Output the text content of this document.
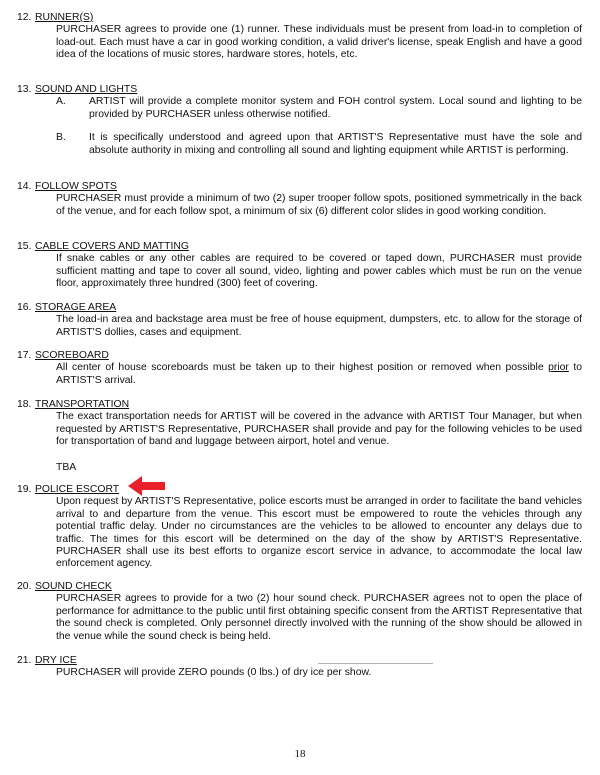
12. RUNNER(S)
PURCHASER agrees to provide one (1) runner. These individuals must be present from load-in to completion of load-out. Each must have a car in good working condition, a valid driver's license, speak English and have a good idea of the locations of music stores, hardware stores, hotels, etc.
13. SOUND AND LIGHTS
A. ARTIST will provide a complete monitor system and FOH control system. Local sound and lighting to be provided by PURCHASER unless otherwise notified.
B. It is specifically understood and agreed upon that ARTIST'S Representative must have the sole and absolute authority in mixing and controlling all sound and lighting equipment while ARTIST is performing.
14. FOLLOW SPOTS
PURCHASER must provide a minimum of two (2) super trooper follow spots, positioned symmetrically in the back of the venue, and for each follow spot, a minimum of six (6) different color slides in good working condition.
15. CABLE COVERS AND MATTING
If snake cables or any other cables are required to be covered or taped down, PURCHASER must provide sufficient matting and tape to cover all sound, video, lighting and power cables which must be run on the venue floor, approximately three hundred (300) feet of covering.
16. STORAGE AREA
The load-in area and backstage area must be free of house equipment, dumpsters, etc. to allow for the storage of ARTIST'S dollies, cases and equipment.
17. SCOREBOARD
All center of house scoreboards must be taken up to their highest position or removed when possible prior to ARTIST'S arrival.
18. TRANSPORTATION
The exact transportation needs for ARTIST will be covered in the advance with ARTIST Tour Manager, but when requested by ARTIST'S Representative, PURCHASER shall provide and pay for the following vehicles to be used for transportation of band and luggage between airport, hotel and venue.
TBA
19. POLICE ESCORT
Upon request by ARTIST'S Representative, police escorts must be arranged in order to facilitate the band vehicles arrival to and departure from the venue. This escort must be empowered to route the vehicles through any potential traffic delay. Under no circumstances are the vehicles to be allowed to encounter any delays due to traffic. The times for this escort will be determined on the day of the show by ARTIST'S Representative. PURCHASER shall use its best efforts to organize escort service in advance, to accommodate the local law enforcement agency.
20. SOUND CHECK
PURCHASER agrees to provide for a two (2) hour sound check. PURCHASER agrees not to open the place of performance for admittance to the public until first obtaining specific consent from the ARTIST Representative that the sound check is completed. Only personnel directly involved with the running of the show should be allowed in the venue while the sound check is being held.
21. DRY ICE
PURCHASER will provide ZERO pounds (0 lbs.) of dry ice per show.
18
